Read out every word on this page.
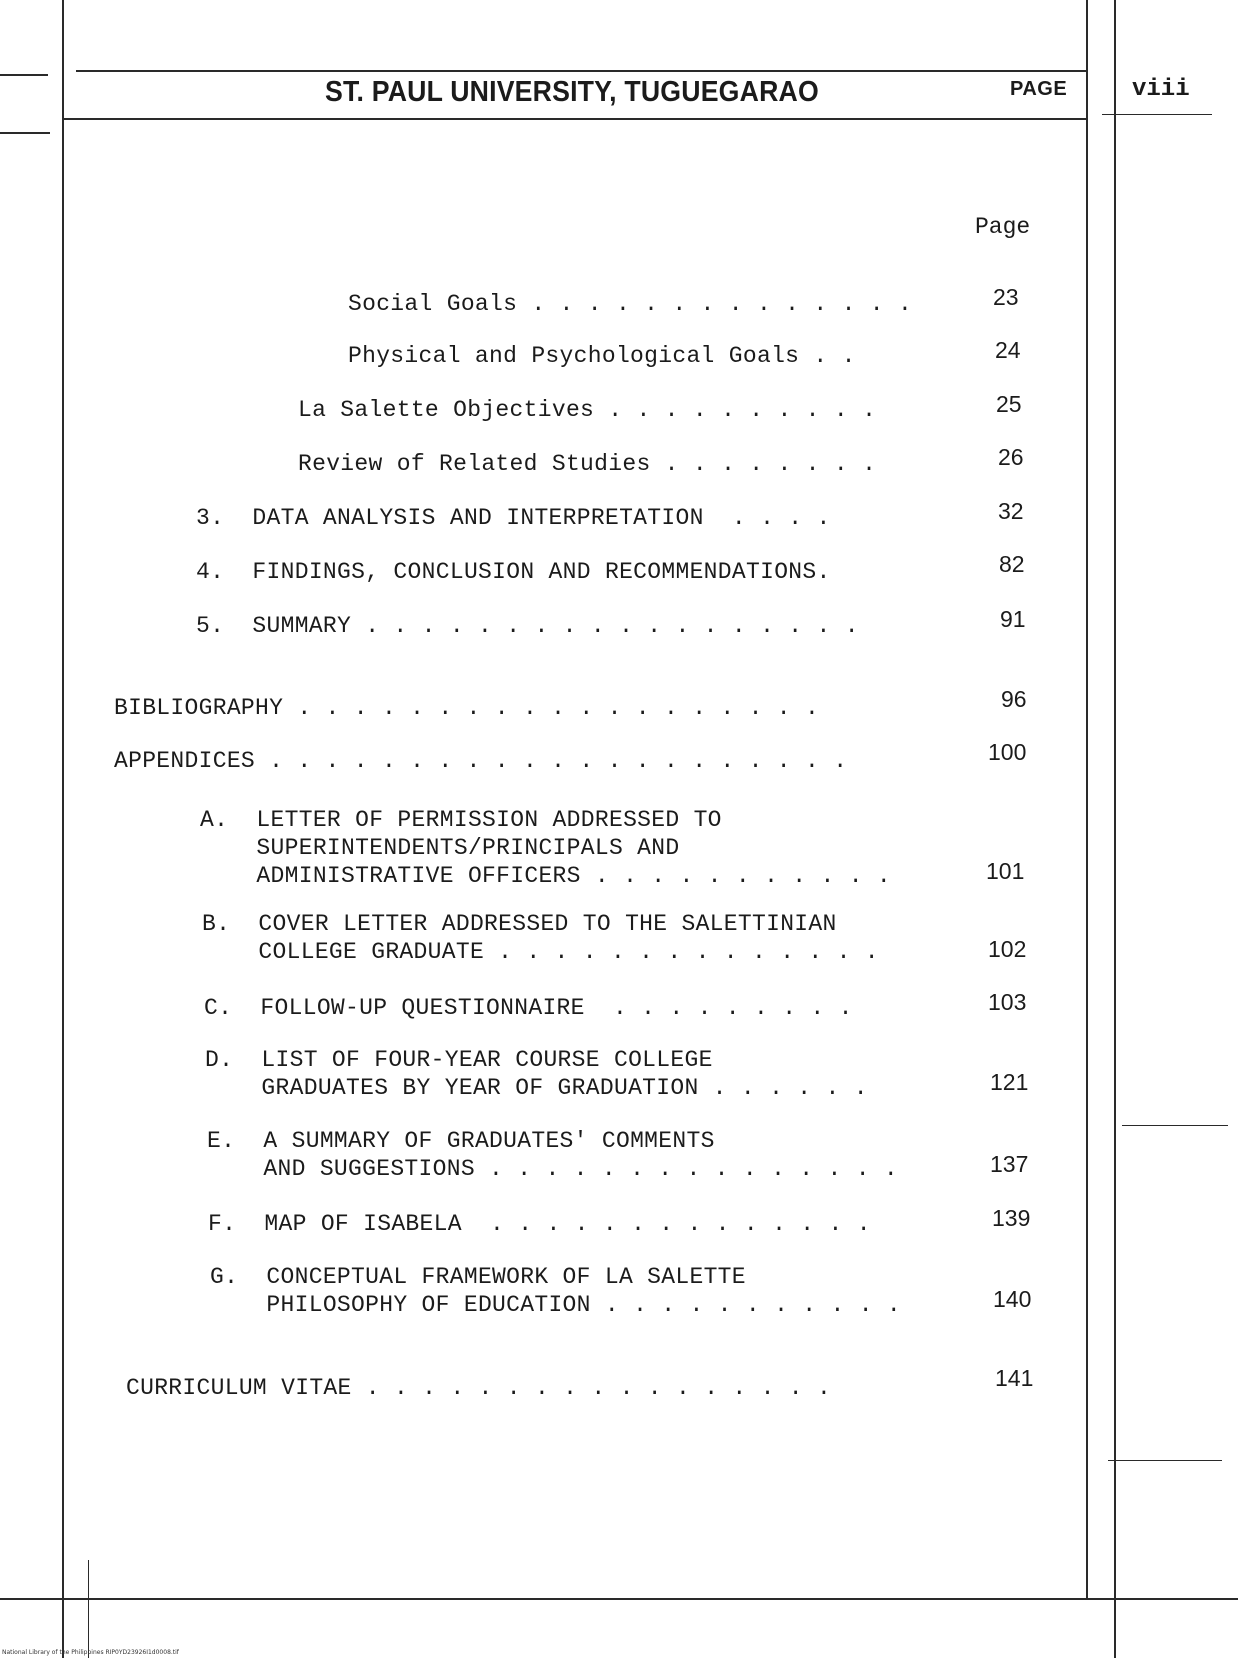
ST. PAUL UNIVERSITY, TUGUEGARAO	PAGE	viii
Page
Social Goals . . . . . . . . . . . . . .	23
Physical and Psychological Goals . .	24
La Salette Objectives . . . . . . . . . .	25
Review of Related Studies . . . . . . . .	26
3.  DATA ANALYSIS AND INTERPRETATION  . . . .	32
4.  FINDINGS, CONCLUSION AND RECOMMENDATIONS.	82
5.  SUMMARY . . . . . . . . . . . . . . . . . .	91
BIBLIOGRAPHY . . . . . . . . . . . . . . . . . . .	96
APPENDICES . . . . . . . . . . . . . . . . . . . . .	100
A.  LETTER OF PERMISSION ADDRESSED TO
SUPERINTENDENTS/PRINCIPALS AND
ADMINISTRATIVE OFFICERS . . . . . . . . . . .	101
B.  COVER LETTER ADDRESSED TO THE SALETTINIAN
COLLEGE GRADUATE . . . . . . . . . . . . . .	102
C.  FOLLOW-UP QUESTIONNAIRE  . . . . . . . . .	103
D.  LIST OF FOUR-YEAR COURSE COLLEGE
GRADUATES BY YEAR OF GRADUATION . . . . . .	121
E.  A SUMMARY OF GRADUATES' COMMENTS
AND SUGGESTIONS . . . . . . . . . . . . . . .	137
F.  MAP OF ISABELA  . . . . . . . . . . . . . .	139
G.  CONCEPTUAL FRAMEWORK OF LA SALETTE
PHILOSOPHY OF EDUCATION . . . . . . . . . . .	140
CURRICULUM VITAE . . . . . . . . . . . . . . . . .	141
National Library of the Philippines RIP0YD23926I1d0008.tif
